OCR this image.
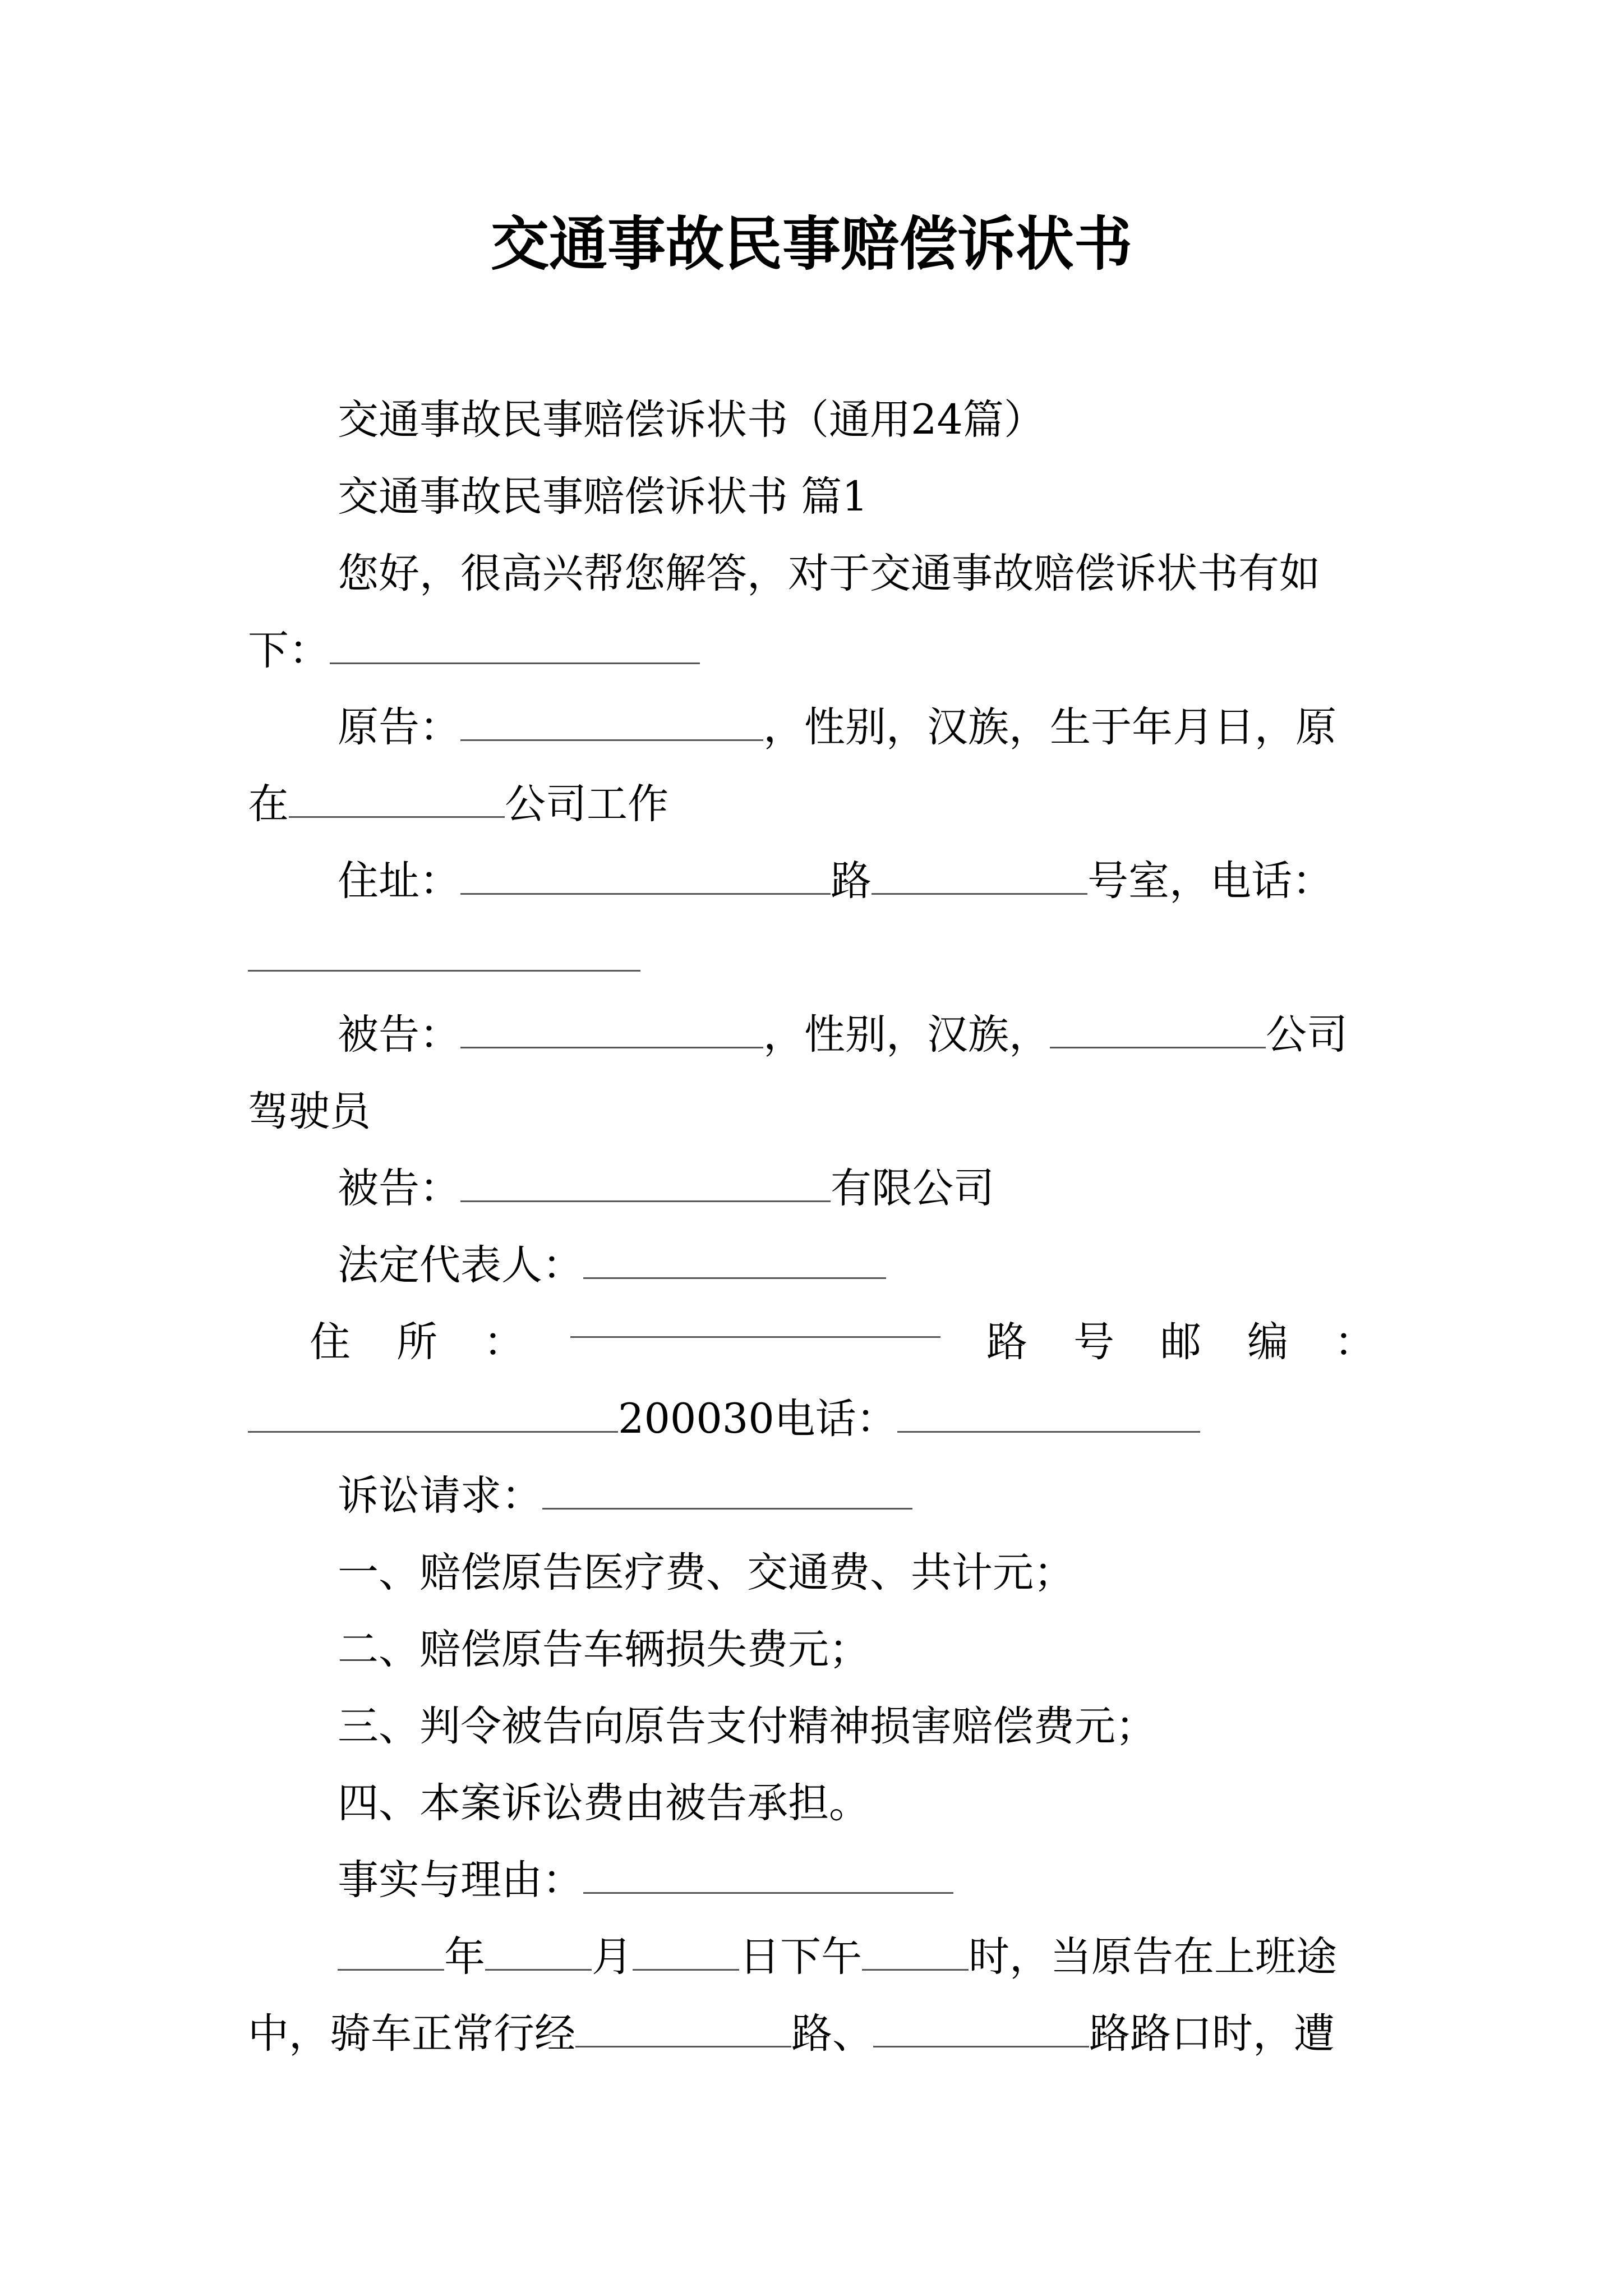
交通事故民事赔偿诉状书

交通事故民事赔偿诉状书（通用24篇）

交通事故民事赔偿诉状书 篇1

您好，很高兴帮您解答，对于交通事故赔偿诉状书有如

下：

原告：	，性别，汉族，生于年月日，原

在	公司工作

住址：	路	号室，电话：

被告：	，性别，汉族，	公司

驾驶员

被告：	有限公司

法定代表人：

住 所 ：	路 号 邮 编 ：

200030电话：

诉讼请求：

一、赔偿原告医疗费、交通费、共计元；

二、赔偿原告车辆损失费元；

三、判令被告向原告支付精神损害赔偿费元；

四、本案诉讼费由被告承担。

事实与理由：

年	月	日下午	时，当原告在上班途

中，骑车正常行经	路、	路路口时，遭
